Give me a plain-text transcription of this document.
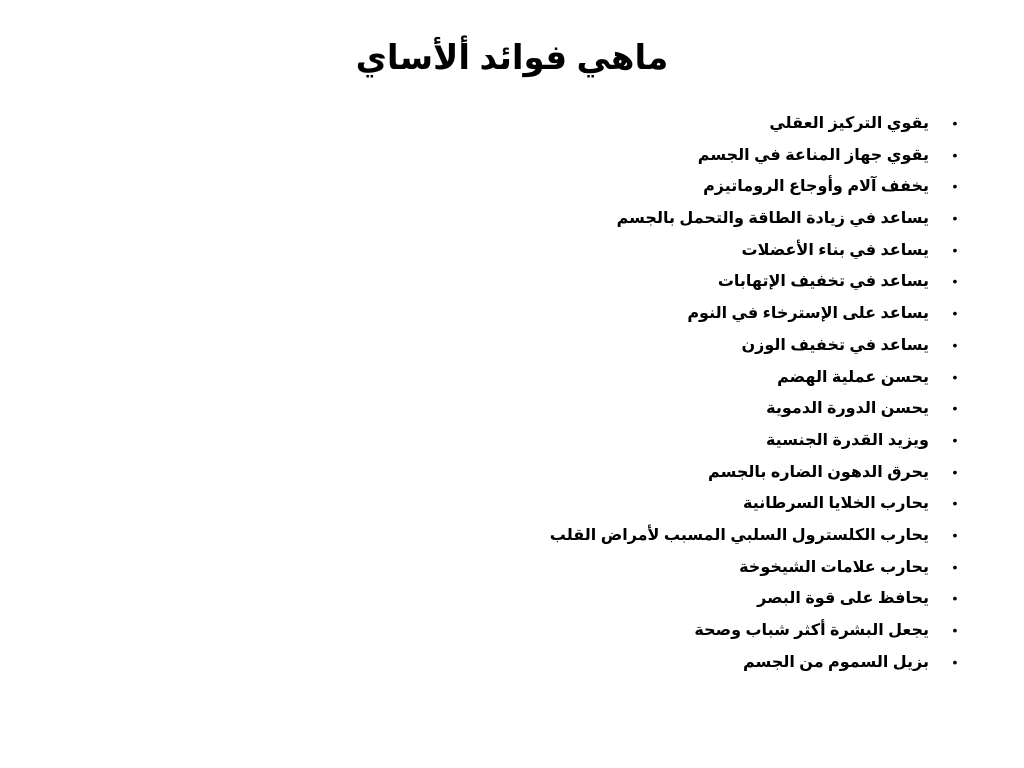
ماهي فوائد ألأساي
•
يقوي التركيز العقلي
•
يقوي جهاز المناعة في الجسم
•
يخفف آلام وأوجاع الروماتيزم
•
يساعد في زيادة الطاقة والتحمل بالجسم
•
يساعد في بناء الأعضلات
•
يساعد في تخفيف الإتهابات
•
يساعد على الإسترخاء في النوم
•
يساعد في تخفيف الوزن
•
يحسن عملية الهضم
•
يحسن الدورة الدموية
•
ويزيد القدرة الجنسية
•
يحرق الدهون الضاره بالجسم
•
يحارب الخلايا السرطانية
•
يحارب الكلسترول السلبي المسبب لأمراض القلب
•
يحارب علامات الشيخوخة
•
يحافظ على قوة البصر
•
يجعل البشرة أكثر شباب وصحة
•
بزيل السموم من الجسم
